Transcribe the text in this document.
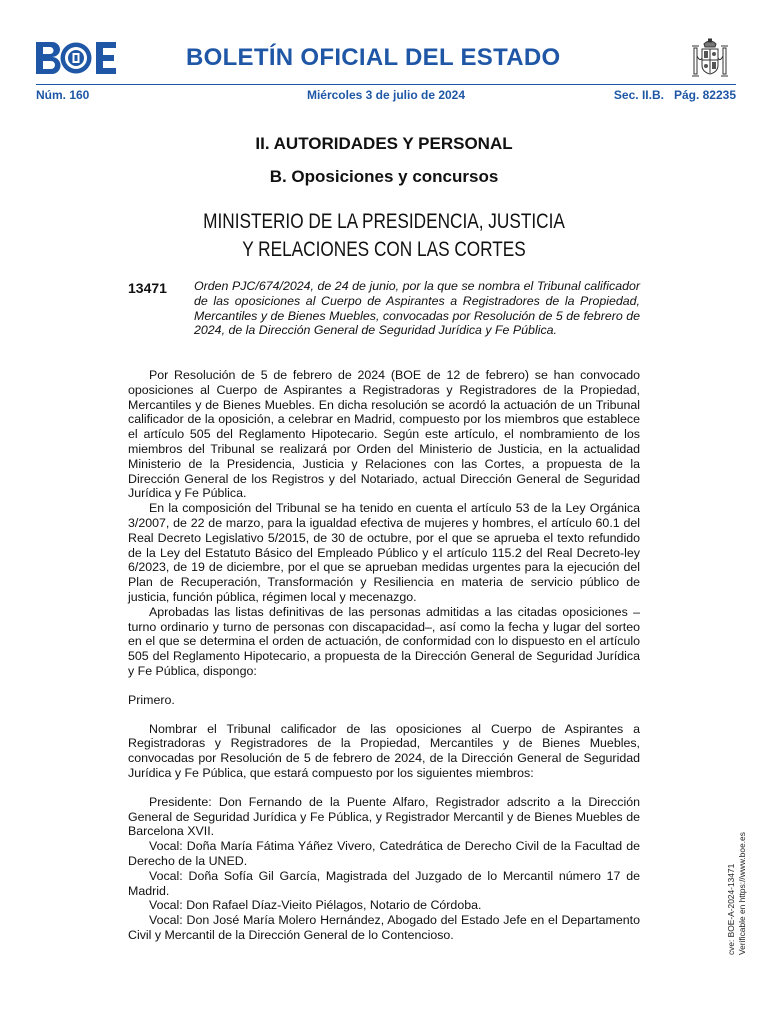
BOLETÍN OFICIAL DEL ESTADO
Núm. 160	Miércoles 3 de julio de 2024	Sec. II.B.   Pág. 82235
II. AUTORIDADES Y PERSONAL
B. Oposiciones y concursos
MINISTERIO DE LA PRESIDENCIA, JUSTICIA
Y RELACIONES CON LAS CORTES
13471 Orden PJC/674/2024, de 24 de junio, por la que se nombra el Tribunal calificador de las oposiciones al Cuerpo de Aspirantes a Registradores de la Propiedad, Mercantiles y de Bienes Muebles, convocadas por Resolución de 5 de febrero de 2024, de la Dirección General de Seguridad Jurídica y Fe Pública.

Por Resolución de 5 de febrero de 2024 (BOE de 12 de febrero) se han convocado oposiciones al Cuerpo de Aspirantes a Registradoras y Registradores de la Propiedad, Mercantiles y de Bienes Muebles. En dicha resolución se acordó la actuación de un Tribunal calificador de la oposición, a celebrar en Madrid, compuesto por los miembros que establece el artículo 505 del Reglamento Hipotecario. Según este artículo, el nombramiento de los miembros del Tribunal se realizará por Orden del Ministerio de Justicia, en la actualidad Ministerio de la Presidencia, Justicia y Relaciones con las Cortes, a propuesta de la Dirección General de los Registros y del Notariado, actual Dirección General de Seguridad Jurídica y Fe Pública.

En la composición del Tribunal se ha tenido en cuenta el artículo 53 de la Ley Orgánica 3/2007, de 22 de marzo, para la igualdad efectiva de mujeres y hombres, el artículo 60.1 del Real Decreto Legislativo 5/2015, de 30 de octubre, por el que se aprueba el texto refundido de la Ley del Estatuto Básico del Empleado Público y el artículo 115.2 del Real Decreto-ley 6/2023, de 19 de diciembre, por el que se aprueban medidas urgentes para la ejecución del Plan de Recuperación, Transformación y Resiliencia en materia de servicio público de justicia, función pública, régimen local y mecenazgo.

Aprobadas las listas definitivas de las personas admitidas a las citadas oposiciones –turno ordinario y turno de personas con discapacidad–, así como la fecha y lugar del sorteo en el que se determina el orden de actuación, de conformidad con lo dispuesto en el artículo 505 del Reglamento Hipotecario, a propuesta de la Dirección General de Seguridad Jurídica y Fe Pública, dispongo:

Primero.

Nombrar el Tribunal calificador de las oposiciones al Cuerpo de Aspirantes a Registradoras y Registradores de la Propiedad, Mercantiles y de Bienes Muebles, convocadas por Resolución de 5 de febrero de 2024, de la Dirección General de Seguridad Jurídica y Fe Pública, que estará compuesto por los siguientes miembros:

Presidente: Don Fernando de la Puente Alfaro, Registrador adscrito a la Dirección General de Seguridad Jurídica y Fe Pública, y Registrador Mercantil y de Bienes Muebles de Barcelona XVII.

Vocal: Doña María Fátima Yáñez Vivero, Catedrática de Derecho Civil de la Facultad de Derecho de la UNED.

Vocal: Doña Sofía Gil García, Magistrada del Juzgado de lo Mercantil número 17 de Madrid.

Vocal: Don Rafael Díaz-Vieito Piélagos, Notario de Córdoba.

Vocal: Don José María Molero Hernández, Abogado del Estado Jefe en el Departamento Civil y Mercantil de la Dirección General de lo Contencioso.	cve: BOE-A-2024-13471 Verificable en https://www.boe.es
